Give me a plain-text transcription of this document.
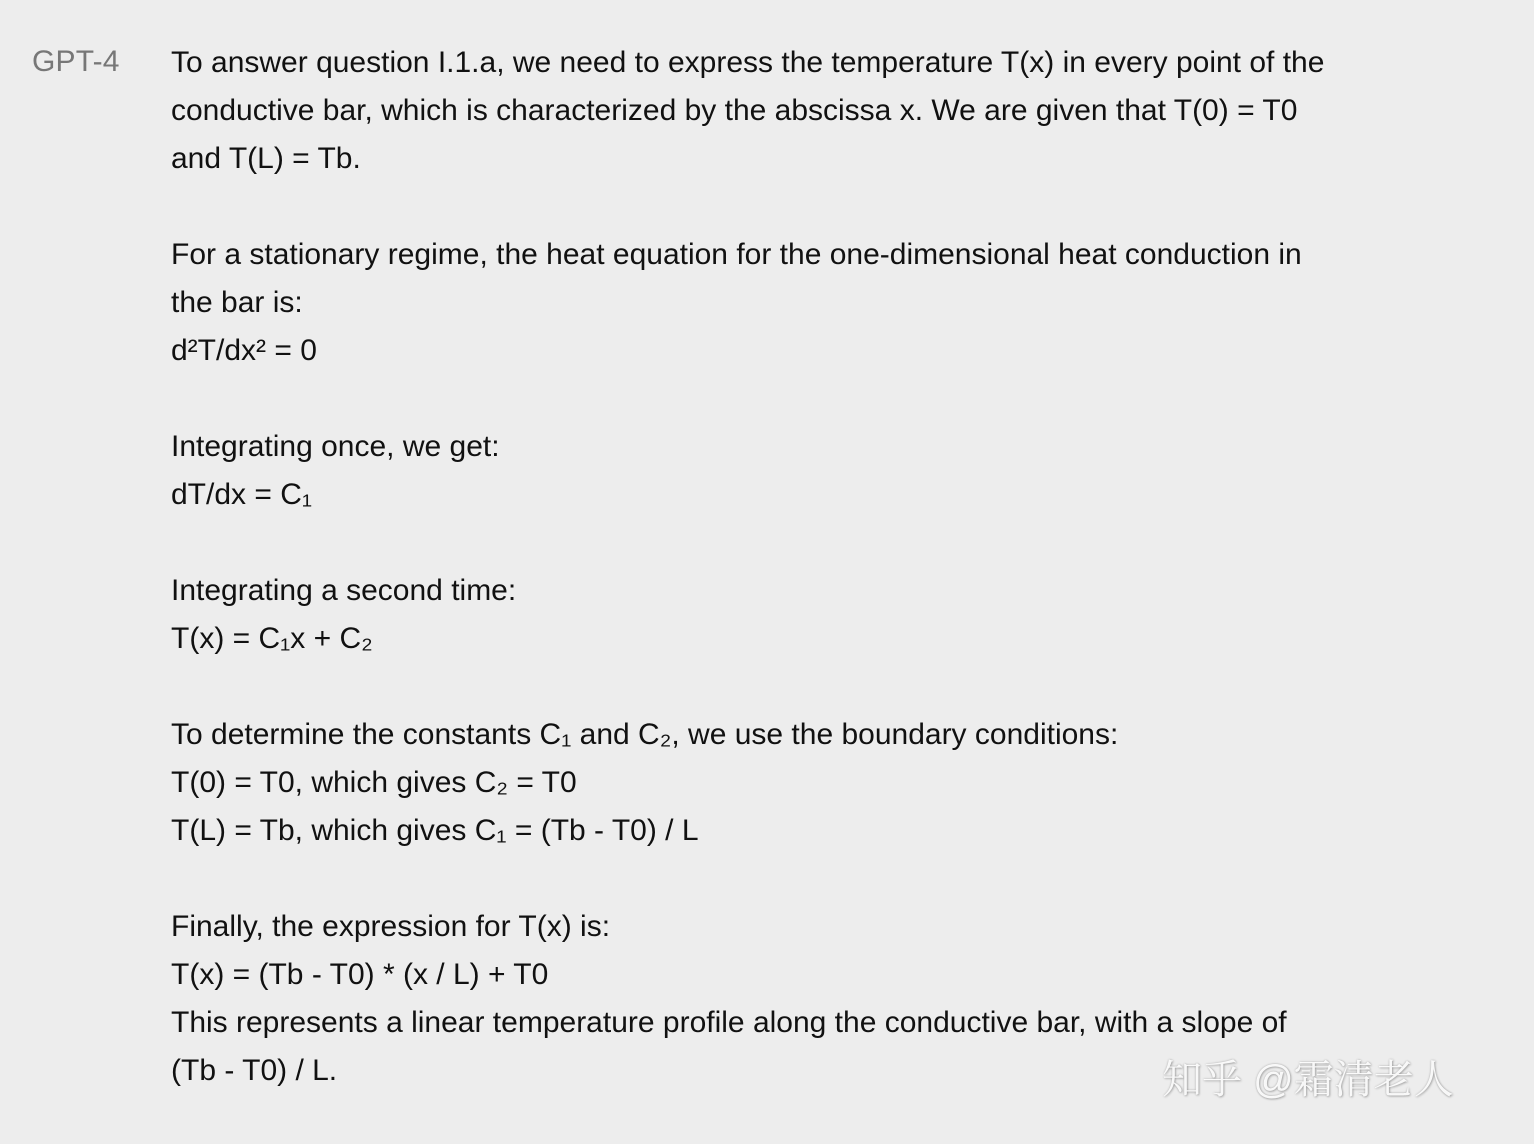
GPT-4 To answer question I.1.a, we need to express the temperature T(x) in every point of the
conductive bar, which is characterized by the abscissa x. We are given that T(0) = T0
and T(L) = Tb.

For a stationary regime, the heat equation for the one-dimensional heat conduction in
the bar is:
d²T/dx² = 0

Integrating once, we get:
dT/dx = C₁

Integrating a second time:
T(x) = C₁x + C₂

To determine the constants C₁ and C₂, we use the boundary conditions:
T(0) = T0, which gives C₂ = T0
T(L) = Tb, which gives C₁ = (Tb - T0) / L

Finally, the expression for T(x) is:
T(x) = (Tb - T0) * (x / L) + T0
This represents a linear temperature profile along the conductive bar, with a slope of
(Tb - T0) / L.	知乎 @霜清老人
